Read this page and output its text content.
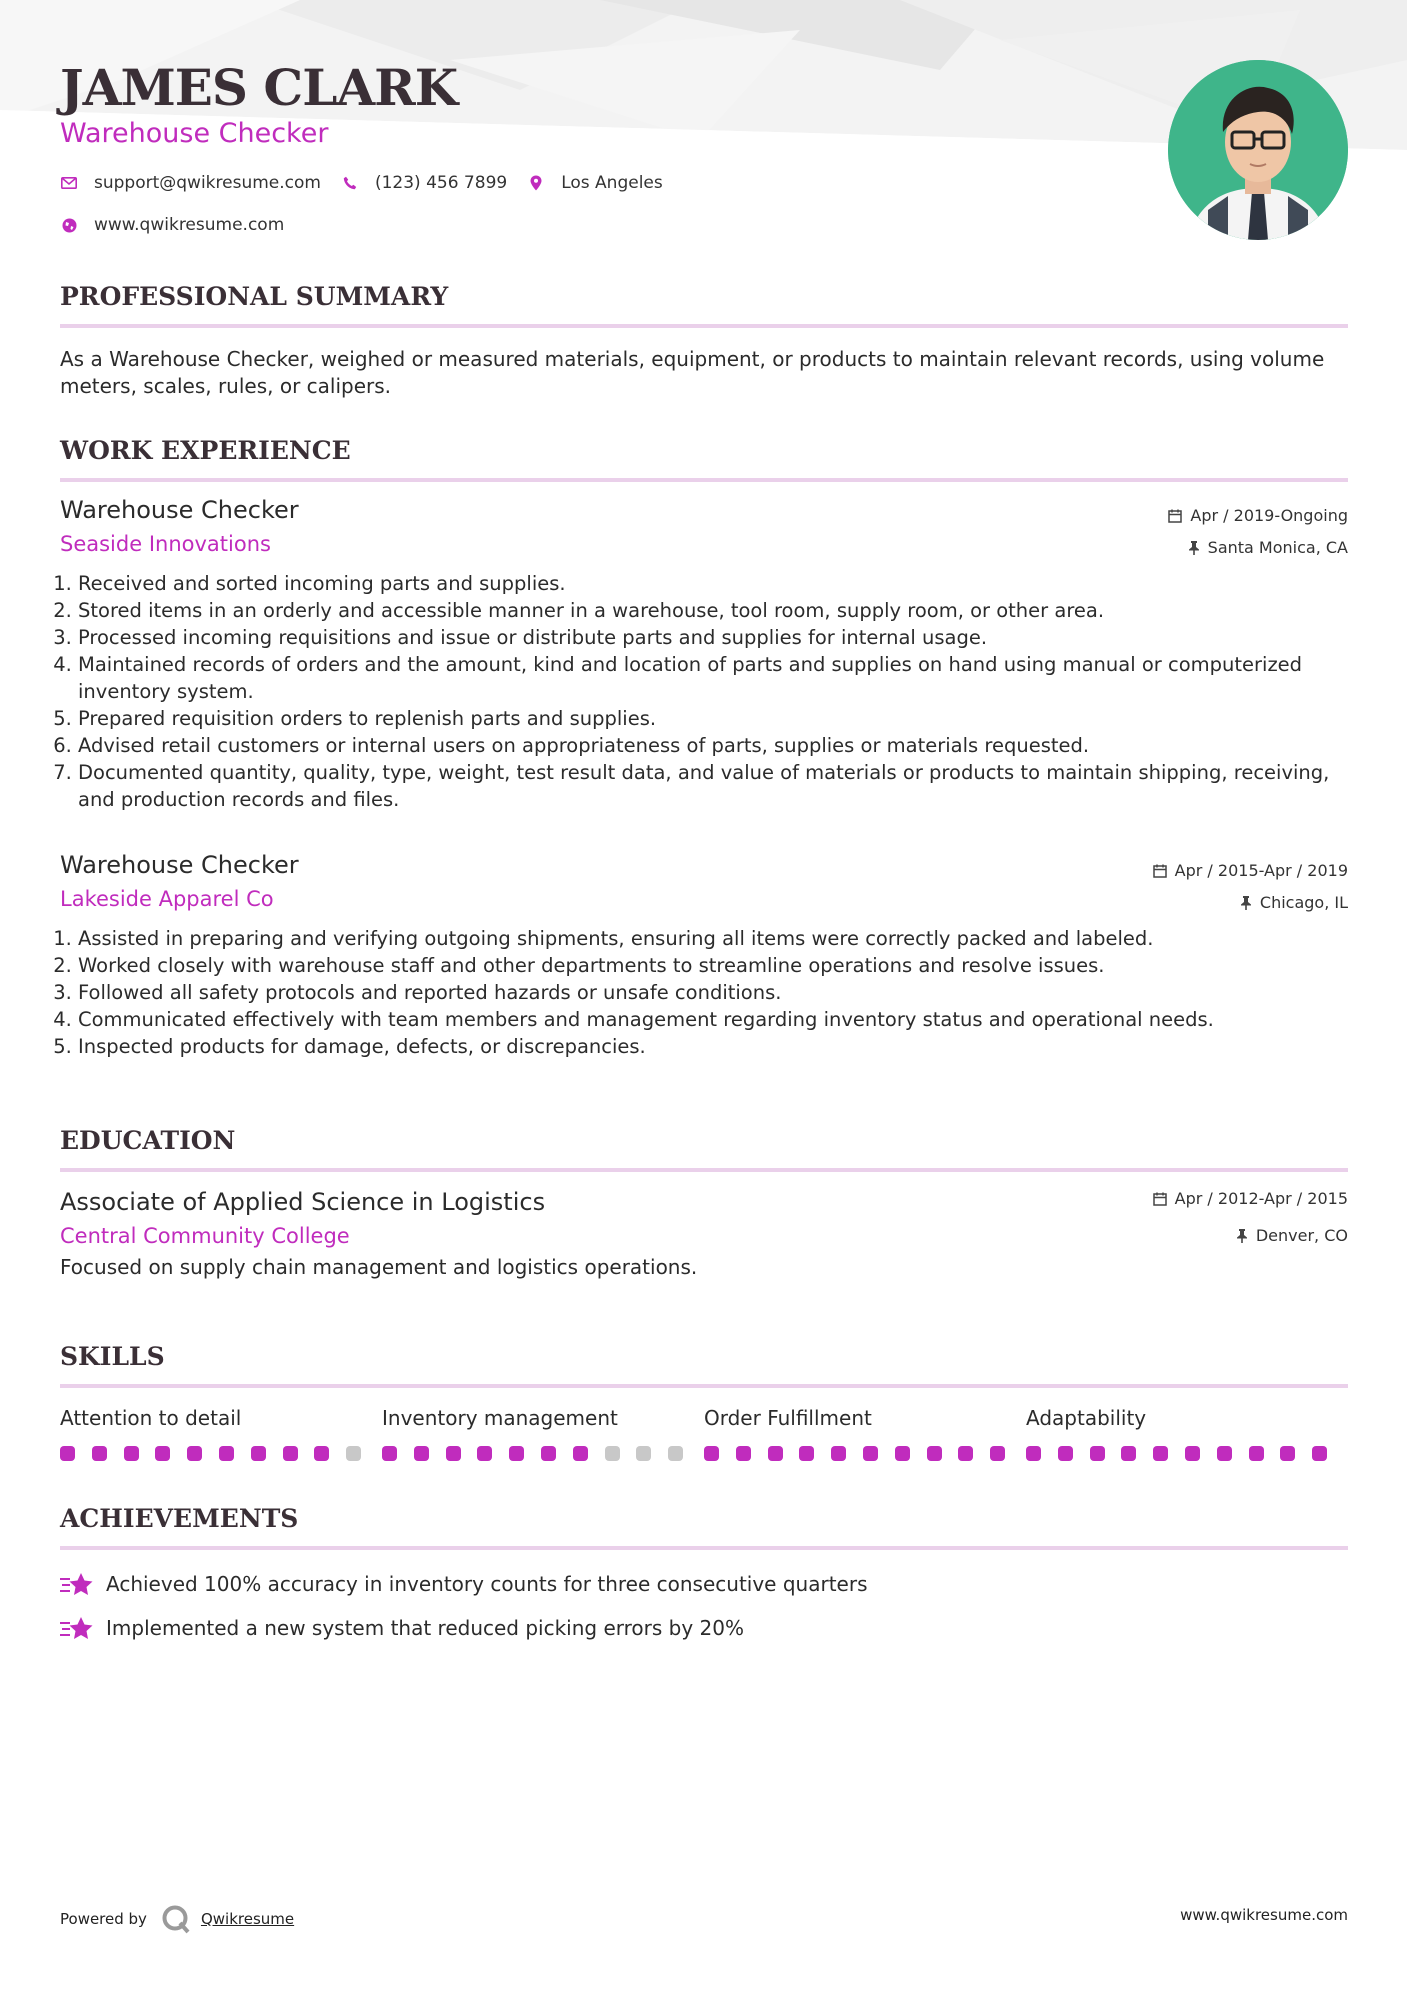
JAMES CLARK
Warehouse Checker
support@qwikresume.com	(123) 456 7899	Los Angeles
www.qwikresume.com
PROFESSIONAL SUMMARY
As a Warehouse Checker, weighed or measured materials, equipment, or products to maintain relevant records, using volume meters, scales, rules, or calipers.
WORK EXPERIENCE
Warehouse Checker
Seaside Innovations
Apr / 2019-Ongoing
Santa Monica, CA
1. Received and sorted incoming parts and supplies.
2. Stored items in an orderly and accessible manner in a warehouse, tool room, supply room, or other area.
3. Processed incoming requisitions and issue or distribute parts and supplies for internal usage.
4. Maintained records of orders and the amount, kind and location of parts and supplies on hand using manual or computerized inventory system.
5. Prepared requisition orders to replenish parts and supplies.
6. Advised retail customers or internal users on appropriateness of parts, supplies or materials requested.
7. Documented quantity, quality, type, weight, test result data, and value of materials or products to maintain shipping, receiving, and production records and files.
Warehouse Checker
Lakeside Apparel Co
Apr / 2015-Apr / 2019
Chicago, IL
1. Assisted in preparing and verifying outgoing shipments, ensuring all items were correctly packed and labeled.
2. Worked closely with warehouse staff and other departments to streamline operations and resolve issues.
3. Followed all safety protocols and reported hazards or unsafe conditions.
4. Communicated effectively with team members and management regarding inventory status and operational needs.
5. Inspected products for damage, defects, or discrepancies.
EDUCATION
Associate of Applied Science in Logistics
Central Community College
Focused on supply chain management and logistics operations.
Apr / 2012-Apr / 2015
Denver, CO
SKILLS
Attention to detail	Inventory management	Order Fulfillment	Adaptability
ACHIEVEMENTS
Achieved 100% accuracy in inventory counts for three consecutive quarters
Implemented a new system that reduced picking errors by 20%
Powered by	Qwikresume	www.qwikresume.com
